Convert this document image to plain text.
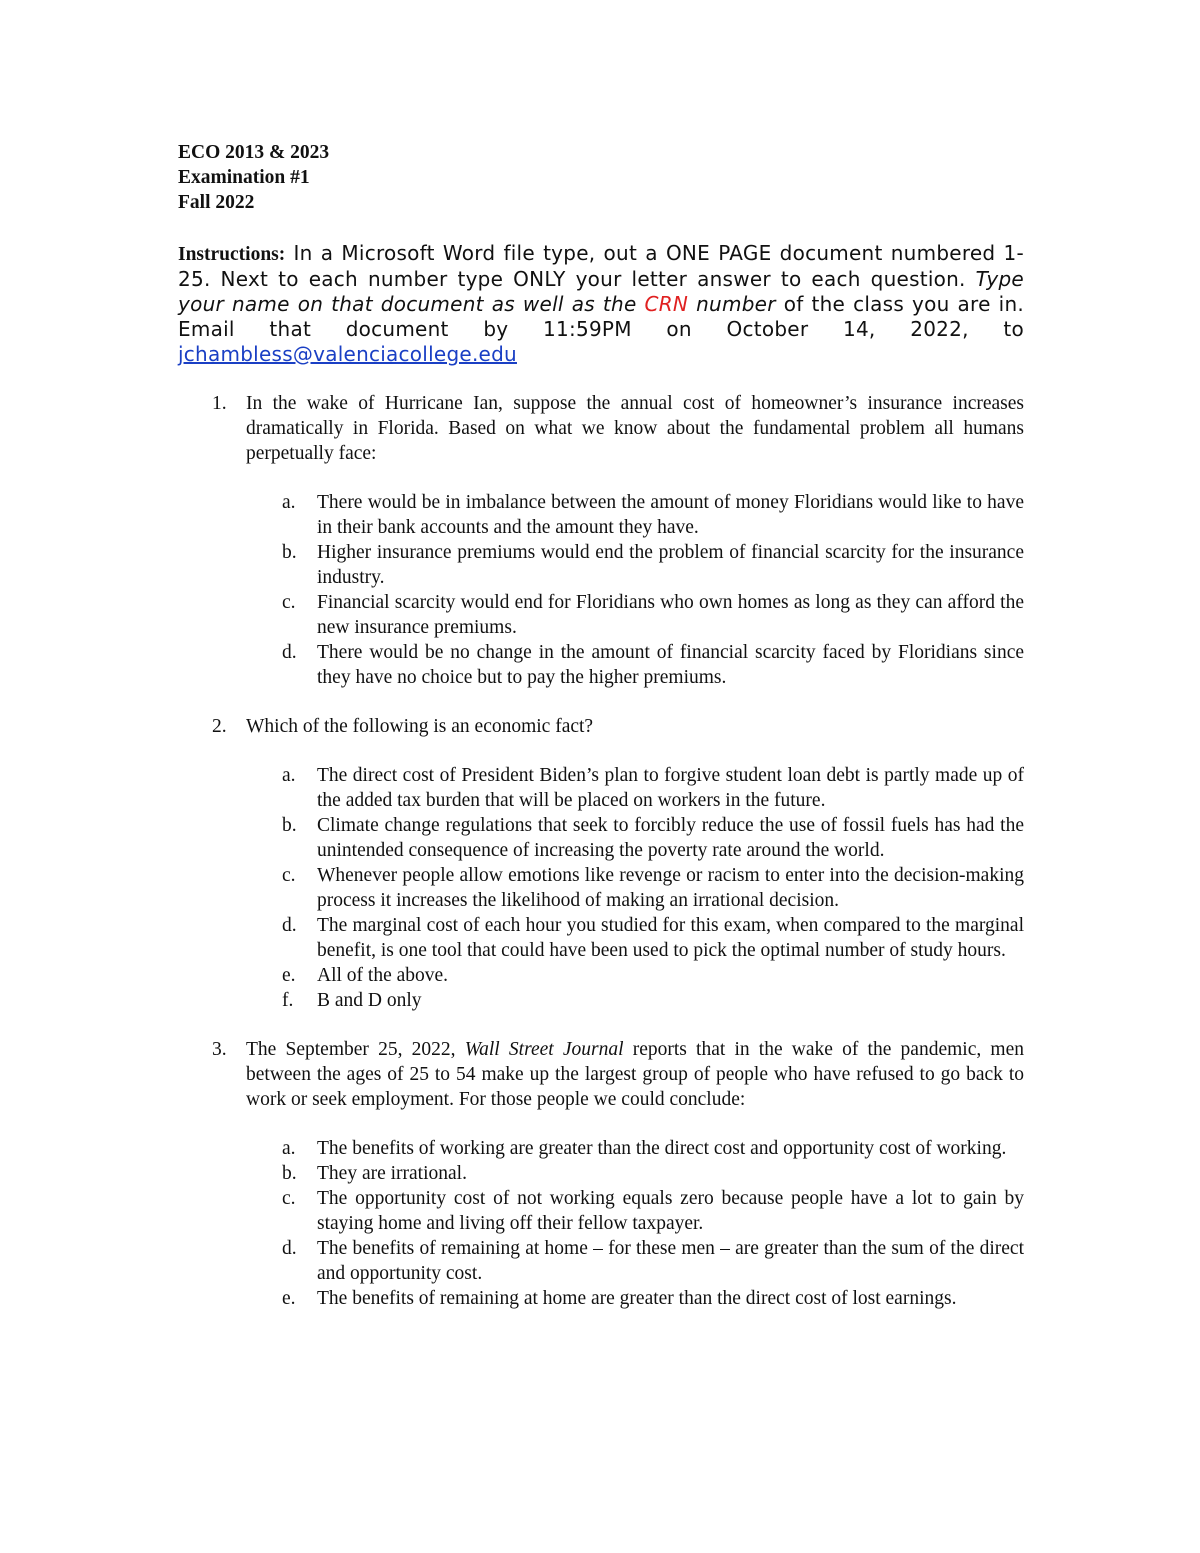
ECO 2013 & 2023
Examination #1
Fall 2022
Instructions: In a Microsoft Word file type, out a ONE PAGE document numbered 1-25. Next to each number type ONLY your letter answer to each question. Type your name on that document as well as the CRN number of the class you are in. Email that document by 11:59PM on October 14, 2022, to jchambless@valenciacollege.edu
1. In the wake of Hurricane Ian, suppose the annual cost of homeowner’s insurance increases dramatically in Florida. Based on what we know about the fundamental problem all humans perpetually face:
a. There would be in imbalance between the amount of money Floridians would like to have in their bank accounts and the amount they have.
b. Higher insurance premiums would end the problem of financial scarcity for the insurance industry.
c. Financial scarcity would end for Floridians who own homes as long as they can afford the new insurance premiums.
d. There would be no change in the amount of financial scarcity faced by Floridians since they have no choice but to pay the higher premiums.
2. Which of the following is an economic fact?
a. The direct cost of President Biden’s plan to forgive student loan debt is partly made up of the added tax burden that will be placed on workers in the future.
b. Climate change regulations that seek to forcibly reduce the use of fossil fuels has had the unintended consequence of increasing the poverty rate around the world.
c. Whenever people allow emotions like revenge or racism to enter into the decision-making process it increases the likelihood of making an irrational decision.
d. The marginal cost of each hour you studied for this exam, when compared to the marginal benefit, is one tool that could have been used to pick the optimal number of study hours.
e. All of the above.
f. B and D only
3. The September 25, 2022, Wall Street Journal reports that in the wake of the pandemic, men between the ages of 25 to 54 make up the largest group of people who have refused to go back to work or seek employment. For those people we could conclude:
a. The benefits of working are greater than the direct cost and opportunity cost of working.
b. They are irrational.
c. The opportunity cost of not working equals zero because people have a lot to gain by staying home and living off their fellow taxpayer.
d. The benefits of remaining at home – for these men – are greater than the sum of the direct and opportunity cost.
e. The benefits of remaining at home are greater than the direct cost of lost earnings.
